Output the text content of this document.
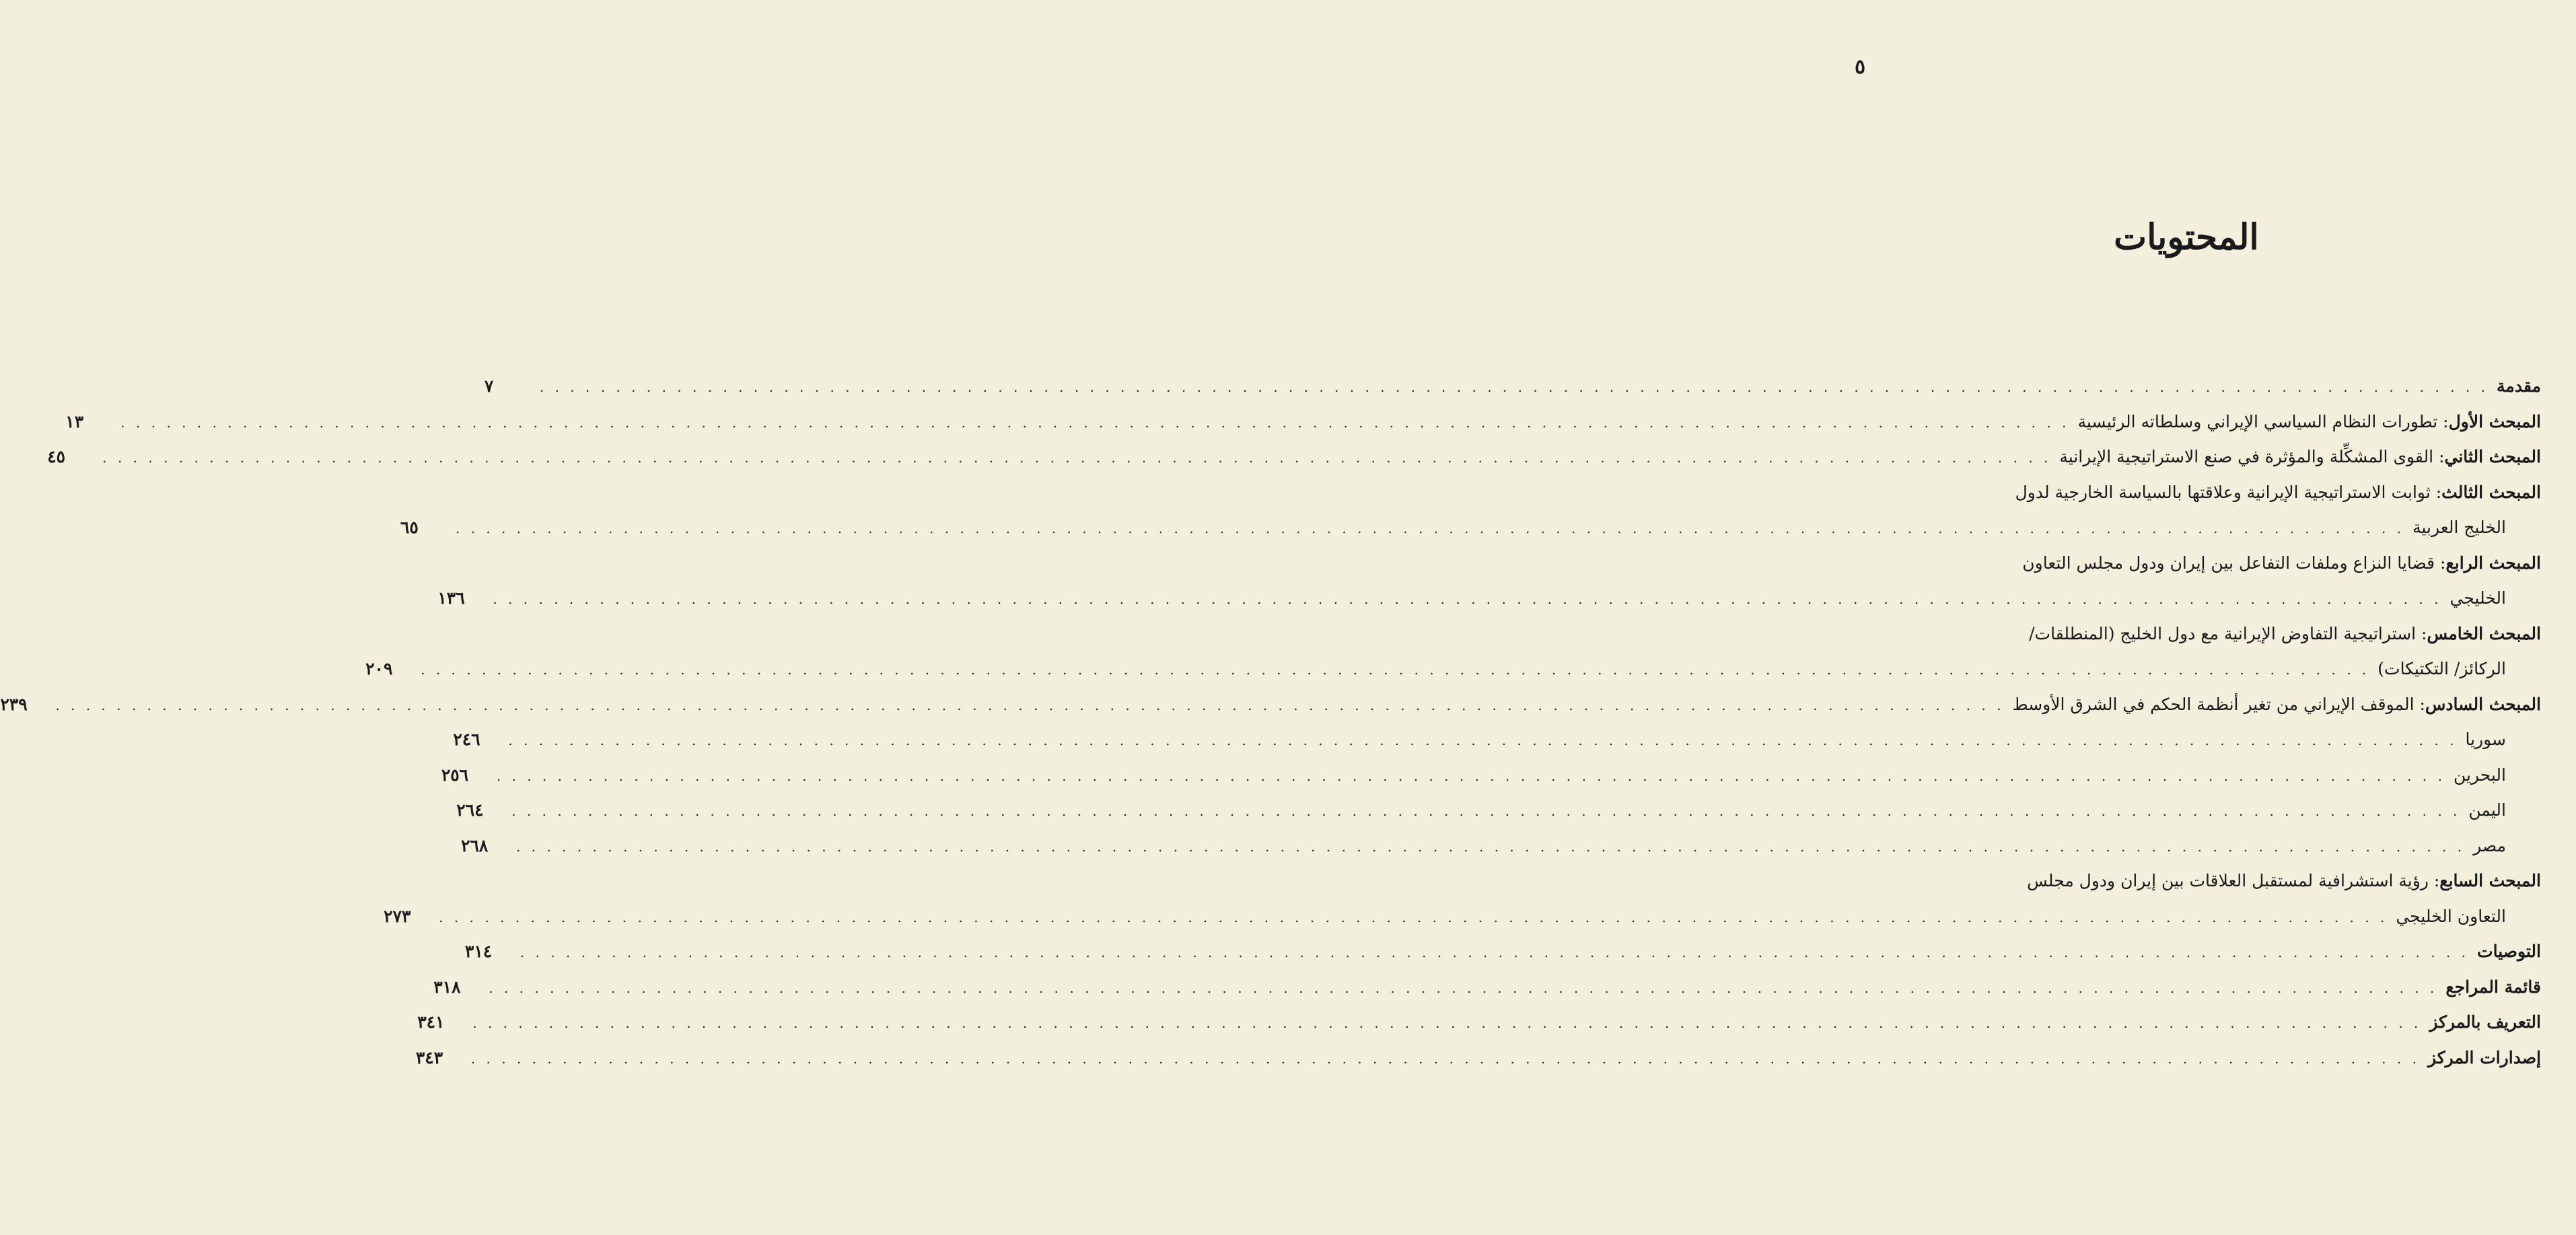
٥
المحتويات
مقدمة
. . .
٧
المبحث الأول: تطورات النظام السياسي الإيراني وسلطاته الرئيسية
. . .
١٣
المبحث الثاني: القوى المشكِّلة والمؤثرة في صنع الاستراتيجية الإيرانية
. . .
٤٥
المبحث الثالث: ثوابت الاستراتيجية الإيرانية وعلاقتها بالسياسة الخارجية لدول
الخليج العربية
. . .
٦٥
المبحث الرابع: قضايا النزاع وملفات التفاعل بين إيران ودول مجلس التعاون
الخليجي
. . .
١٣٦
المبحث الخامس: استراتيجية التفاوض الإيرانية مع دول الخليج (المنطلقات/
الركائز/ التكتيكات)
. . .
٢٠٩
المبحث السادس: الموقف الإيراني من تغير أنظمة الحكم في الشرق الأوسط
. . .
٢٣٩
سوريا
. . .
٢٤٦
البحرين
. . .
٢٥٦
اليمن
. . .
٢٦٤
مصر
. . .
٢٦٨
المبحث السابع: رؤية استشرافية لمستقبل العلاقات بين إيران ودول مجلس
التعاون الخليجي
. . .
٢٧٣
التوصيات
. . .
٣١٤
قائمة المراجع
. . .
٣١٨
التعريف بالمركز
. . .
٣٤١
إصدارات المركز
. . .
٣٤٣
